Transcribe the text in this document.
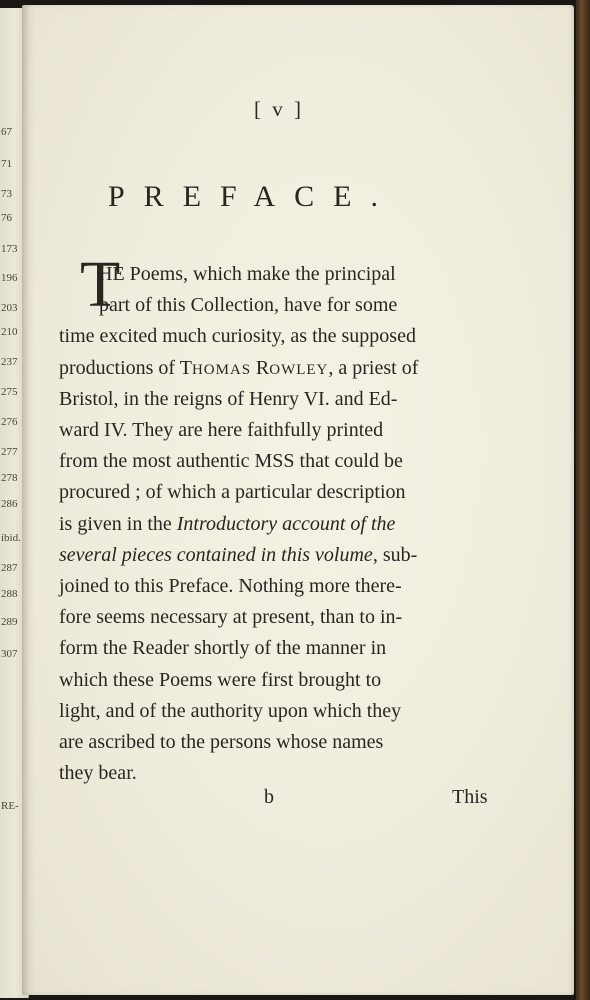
67
71
73
76
173
196
203
210
237
275
276
277
278
286
ibid.
287
288
289
307
RE-
[ v ]
PREFACE.
T
HE Poems, which make the principal
part of this Collection, have for some
time excited much curiosity, as the supposed
productions of THOMAS ROWLEY, a priest of
Bristol, in the reigns of Henry VI. and Ed-
ward IV. They are here faithfully printed
from the most authentic MSS that could be
procured ; of which a particular description
is given in the Introductory account of the
several pieces contained in this volume, sub-
joined to this Preface. Nothing more there-
fore seems necessary at present, than to in-
form the Reader shortly of the manner in
which these Poems were first brought to
light, and of the authority upon which they
are ascribed to the persons whose names
they bear.
b	This
